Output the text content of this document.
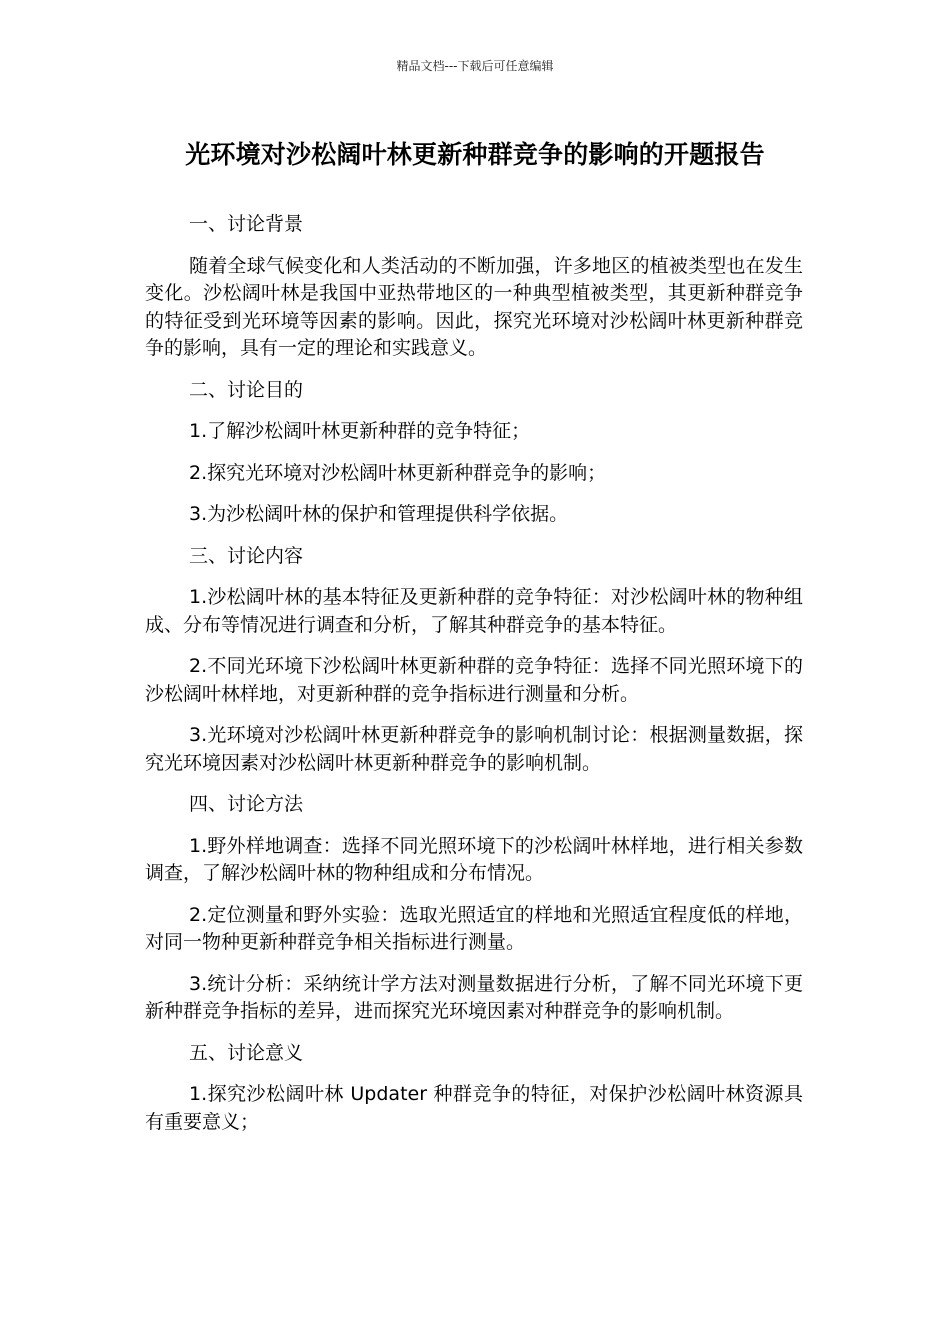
精品文档---下载后可任意编辑
光环境对沙松阔叶林更新种群竞争的影响的开题报告

一、讨论背景

随着全球气候变化和人类活动的不断加强，许多地区的植被类型也在发生变化。沙松阔叶林是我国中亚热带地区的一种典型植被类型，其更新种群竞争的特征受到光环境等因素的影响。因此，探究光环境对沙松阔叶林更新种群竞争的影响，具有一定的理论和实践意义。

二、讨论目的

1.了解沙松阔叶林更新种群的竞争特征；

2.探究光环境对沙松阔叶林更新种群竞争的影响；

3.为沙松阔叶林的保护和管理提供科学依据。

三、讨论内容

1.沙松阔叶林的基本特征及更新种群的竞争特征：对沙松阔叶林的物种组成、分布等情况进行调查和分析，了解其种群竞争的基本特征。

2.不同光环境下沙松阔叶林更新种群的竞争特征：选择不同光照环境下的沙松阔叶林样地，对更新种群的竞争指标进行测量和分析。

3.光环境对沙松阔叶林更新种群竞争的影响机制讨论：根据测量数据，探究光环境因素对沙松阔叶林更新种群竞争的影响机制。

四、讨论方法

1.野外样地调查：选择不同光照环境下的沙松阔叶林样地，进行相关参数调查，了解沙松阔叶林的物种组成和分布情况。

2.定位测量和野外实验：选取光照适宜的样地和光照适宜程度低的样地，对同一物种更新种群竞争相关指标进行测量。

3.统计分析：采纳统计学方法对测量数据进行分析，了解不同光环境下更新种群竞争指标的差异，进而探究光环境因素对种群竞争的影响机制。

五、讨论意义

1.探究沙松阔叶林 Updater 种群竞争的特征，对保护沙松阔叶林资源具有重要意义；
